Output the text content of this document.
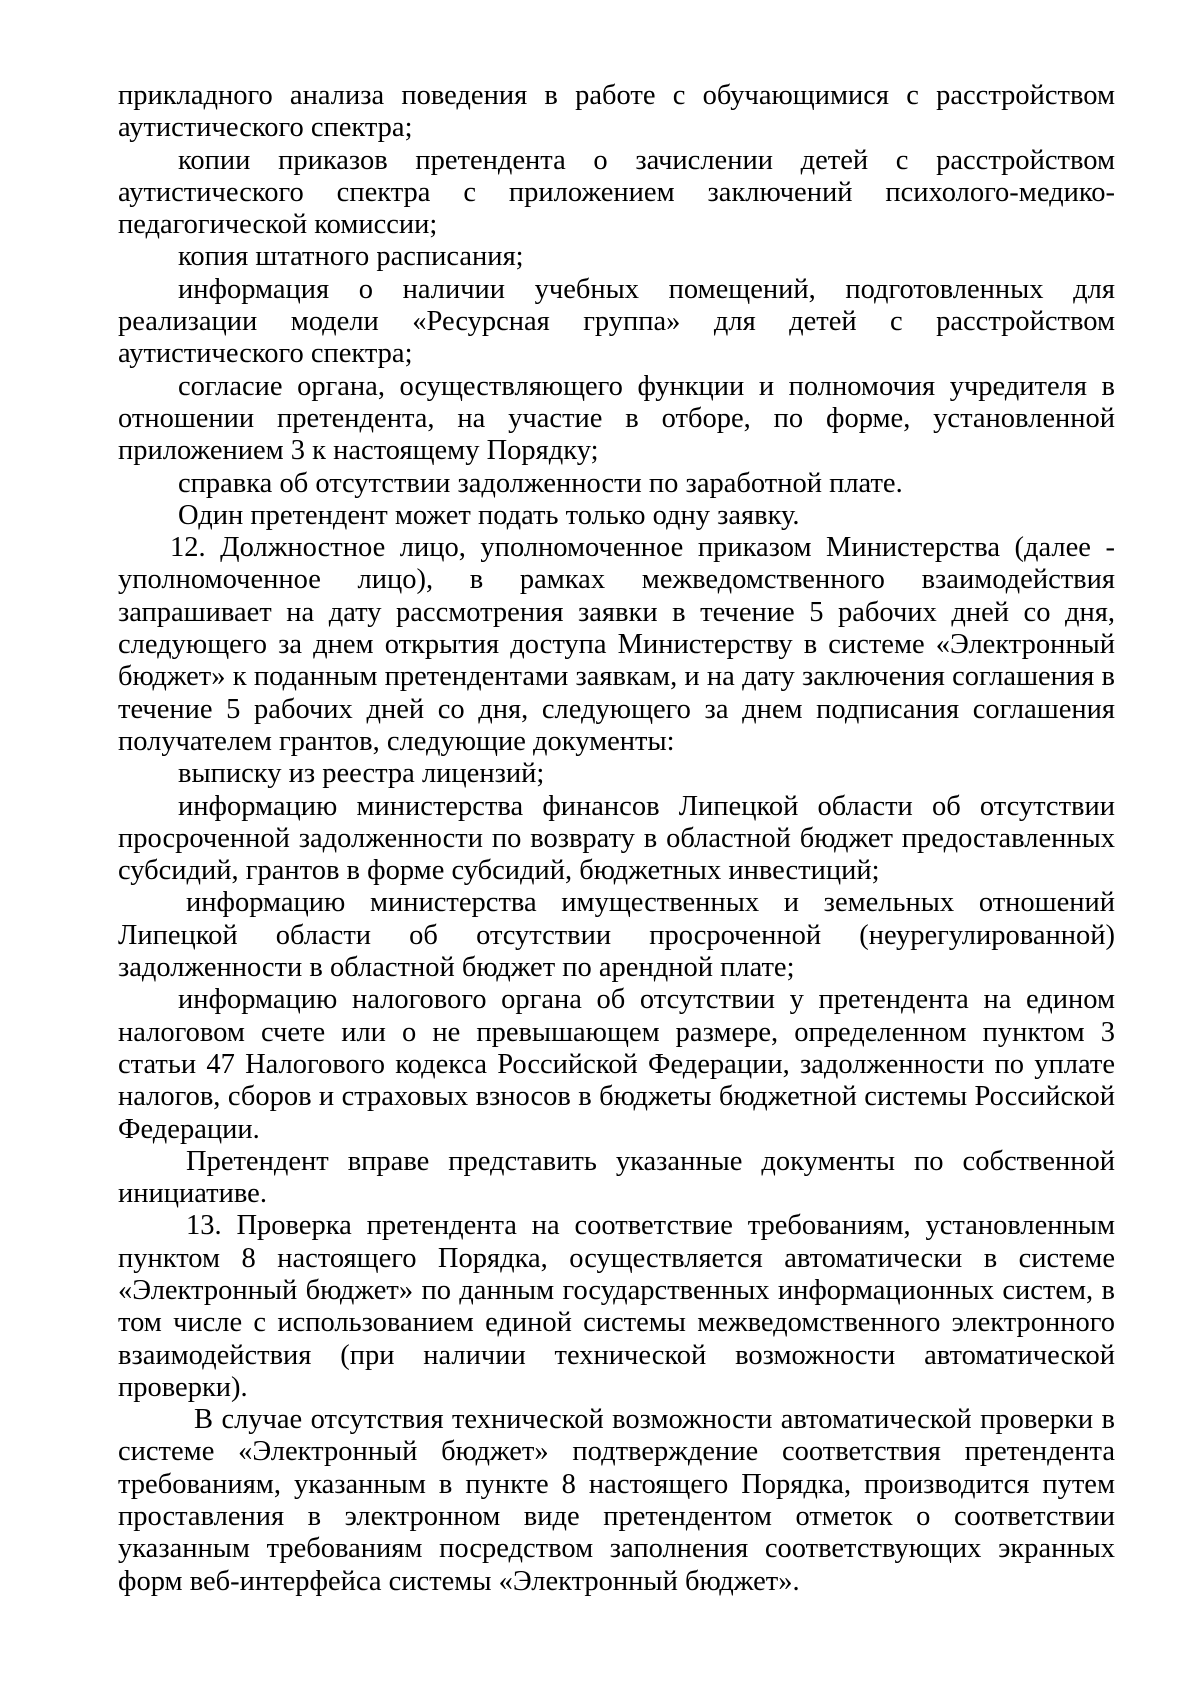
прикладного анализа поведения в работе с обучающимися с расстройством аутистического спектра;

копии приказов претендента о зачислении детей с расстройством аутистического спектра с приложением заключений психолого-медико-педагогической комиссии;

копия штатного расписания;

информация о наличии учебных помещений, подготовленных для реализации модели «Ресурсная группа» для детей с расстройством аутистического спектра;

согласие органа, осуществляющего функции и полномочия учредителя в отношении претендента, на участие в отборе, по форме, установленной приложением 3 к настоящему Порядку;

справка об отсутствии задолженности по заработной плате.

Один претендент может подать только одну заявку.

12. Должностное лицо, уполномоченное приказом Министерства (далее - уполномоченное лицо), в рамках межведомственного взаимодействия запрашивает на дату рассмотрения заявки в течение 5 рабочих дней со дня, следующего за днем открытия доступа Министерству в системе «Электронный бюджет» к поданным претендентами заявкам, и на дату заключения соглашения в течение 5 рабочих дней со дня, следующего за днем подписания соглашения получателем грантов, следующие документы:

выписку из реестра лицензий;

информацию министерства финансов Липецкой области об отсутствии просроченной задолженности по возврату в областной бюджет предоставленных субсидий, грантов в форме субсидий, бюджетных инвестиций;

информацию министерства имущественных и земельных отношений Липецкой области об отсутствии просроченной (неурегулированной) задолженности в областной бюджет по арендной плате;

информацию налогового органа об отсутствии у претендента на едином налоговом счете или о не превышающем размере, определенном пунктом 3 статьи 47 Налогового кодекса Российской Федерации, задолженности по уплате налогов, сборов и страховых взносов в бюджеты бюджетной системы Российской Федерации.

Претендент вправе представить указанные документы по собственной инициативе.

13. Проверка претендента на соответствие требованиям, установленным пунктом 8 настоящего Порядка, осуществляется автоматически в системе «Электронный бюджет» по данным государственных информационных систем, в том числе с использованием единой системы межведомственного электронного взаимодействия (при наличии технической возможности автоматической проверки).

В случае отсутствия технической возможности автоматической проверки в системе «Электронный бюджет» подтверждение соответствия претендента требованиям, указанным в пункте 8 настоящего Порядка, производится путем проставления в электронном виде претендентом отметок о соответствии указанным требованиям посредством заполнения соответствующих экранных форм веб-интерфейса системы «Электронный бюджет».
